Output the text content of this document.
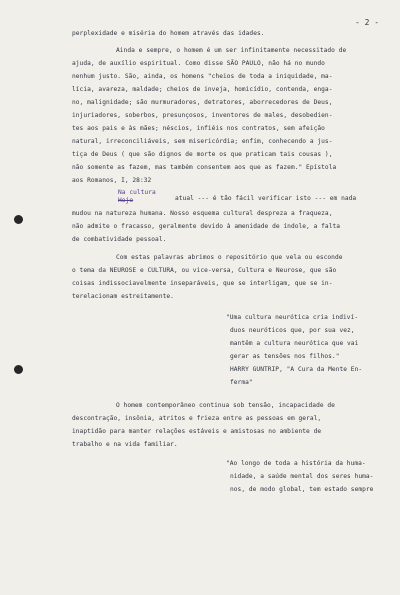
- 2 -
perplexidade e miséria do homem através das idades.
Ainda e sempre, o homem é um ser infinitamente necessitado de
ajuda, de auxílio espiritual. Como disse SÃO PAULO, não há no mundo
nenhum justo. São, ainda, os homens "cheios de toda a iniquidade, ma-
lícia, avareza, maldade; cheios de inveja, homicídio, contenda, enga-
no, malignidade; são murmuradores, detratores, aborrecedores de Deus,
injuriadores, soberbos, presunçosos, inventores de males, desobedien-
tes aos pais e às mães; néscios, infiéis nos contratos, sem afeição
natural, irreconciliáveis, sem misericórdia; enfim, conhecendo a jus-
tiça de Deus ( que são dignos de morte os que praticam tais cousas ),
não somente as fazem, mas também consentem aos que as fazem." Epístola
aos Romanos, I, 28:32
Na cultura
atual --- é tão fácil verificar isto --- em nada
mudou na natureza humana. Nosso esquema cultural despreza a fraqueza,
não admite o fracasso, geralmente devido à amenidade de índole, a falta
de combatividade pessoal.
Com estas palavras abrimos o repositório que vela ou esconde
o tema da NEUROSE e CULTURA, ou vice-versa, Cultura e Neurose, que são
coisas indissociavelmente inseparáveis, que se interligam, que se in-
terelacionam estreitamente.
"Uma cultura neurótica cria indiví-
duos neuróticos que, por sua vez,
mantêm a cultura neurótica que vai
gerar as tensões nos filhos."
HARRY GUNTRIP, "A Cura da Mente En-
ferma"
O homem contemporâneo continua sob tensão, incapacidade de
descontração, insônia, atritos e frieza entre as pessoas em geral,
inaptidão para manter relações estáveis e amistosas no ambiente de
trabalho e na vida familiar.
"Ao longo de toda a história da huma-
nidade, a saúde mental dos seres huma-
nos, de modo global, tem estado sempre
Hoje
